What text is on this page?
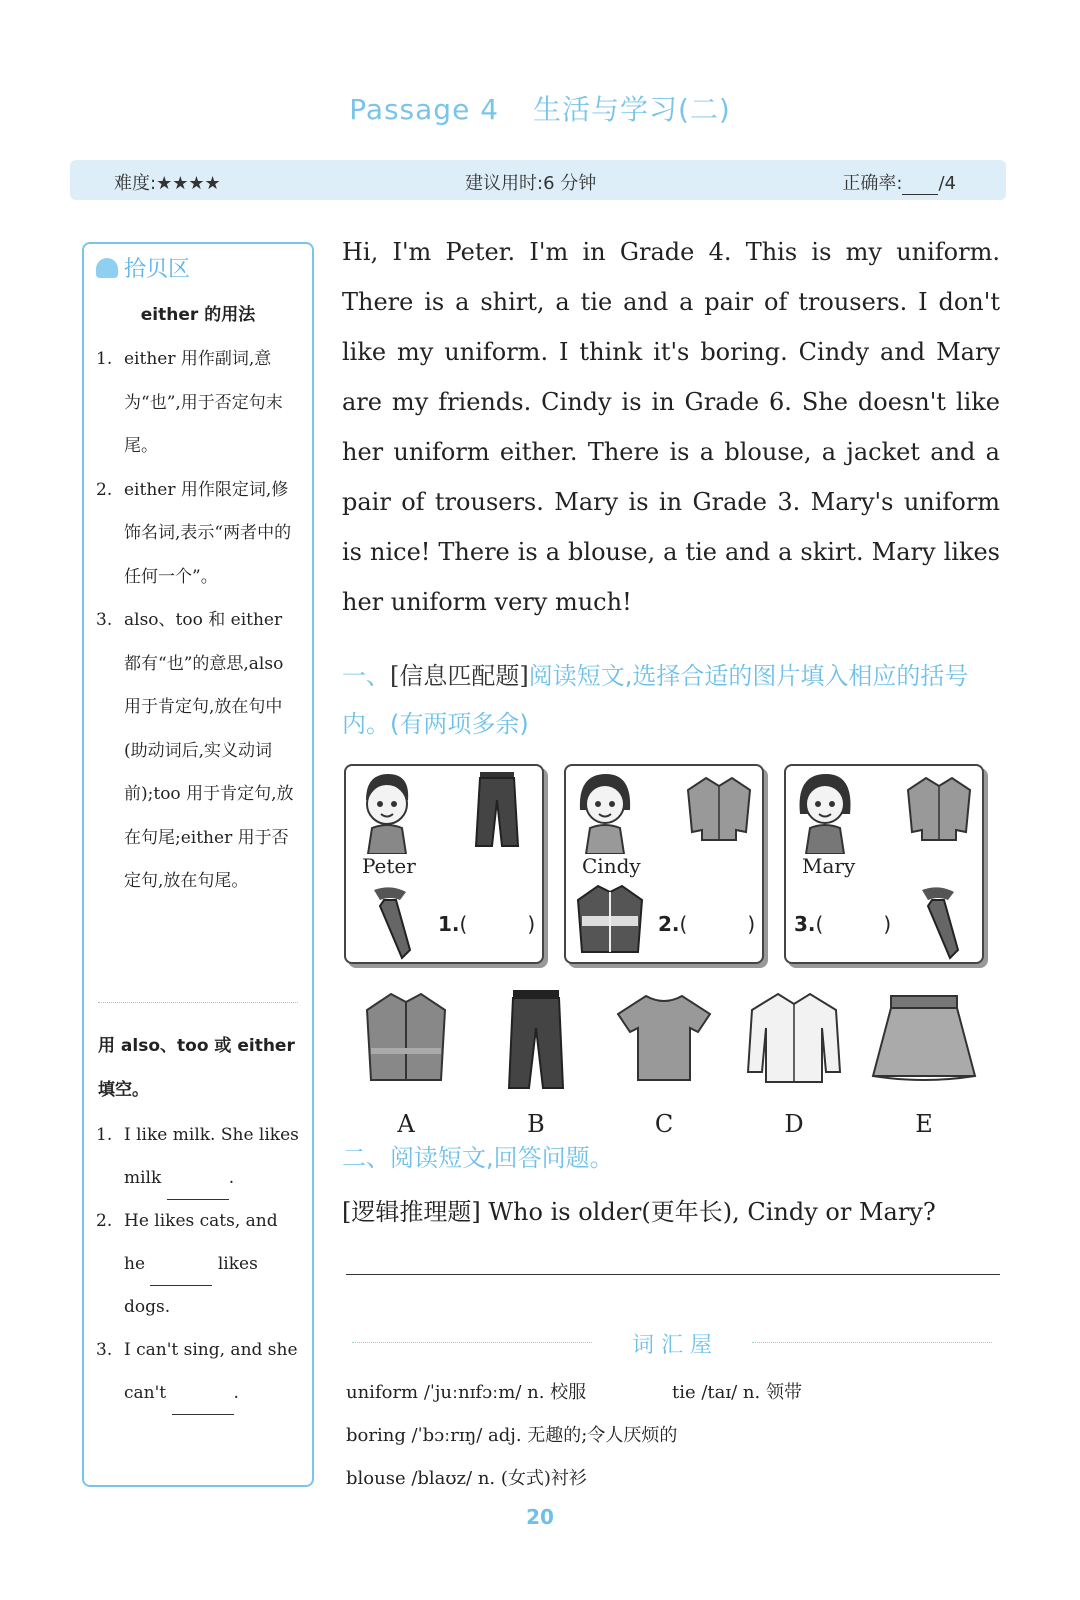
Passage 4 生活与学习(二)
难度:★★★★	建议用时:6 分钟	正确率: /4
拾贝区
either 的用法
1. either 用作副词,意为“也”,用于否定句末尾。
2. either 用作限定词,修饰名词,表示“两者中的任何一个”。
3. also、too 和 either 都有“也”的意思,also 用于肯定句,放在句中(助动词后,实义动词前);too 用于肯定句,放在句尾;either 用于否定句,放在句尾。
用 also、too 或 either 填空。
1. I like milk. She likes milk	.
2. He likes cats, and he	likes dogs.
3. I can't sing, and she can't	.
Hi, I'm Peter. I'm in Grade 4. This is my uniform. There is a shirt, a tie and a pair of trousers. I don't like my uniform. I think it's boring. Cindy and Mary are my friends. Cindy is in Grade 6. She doesn't like her uniform either. There is a blouse, a jacket and a pair of trousers. Mary is in Grade 3. Mary's uniform is nice! There is a blouse, a tie and a skirt. Mary likes her uniform very much!
一、[信息匹配题]阅读短文,选择合适的图片填入相应的括号内。(有两项多余)
Peter
1.(　　　)
Cindy
2.(　　　)
Mary
3.(　　　)
A	B	C	D	E
二、阅读短文,回答问题。
[逻辑推理题] Who is older(更年长), Cindy or Mary?
词 汇 屋
uniform /ˈjuːnɪfɔːm/ n. 校服	tie /taɪ/ n. 领带
boring /ˈbɔːrɪŋ/ adj. 无趣的;令人厌烦的
blouse /blaʊz/ n. (女式)衬衫
20
